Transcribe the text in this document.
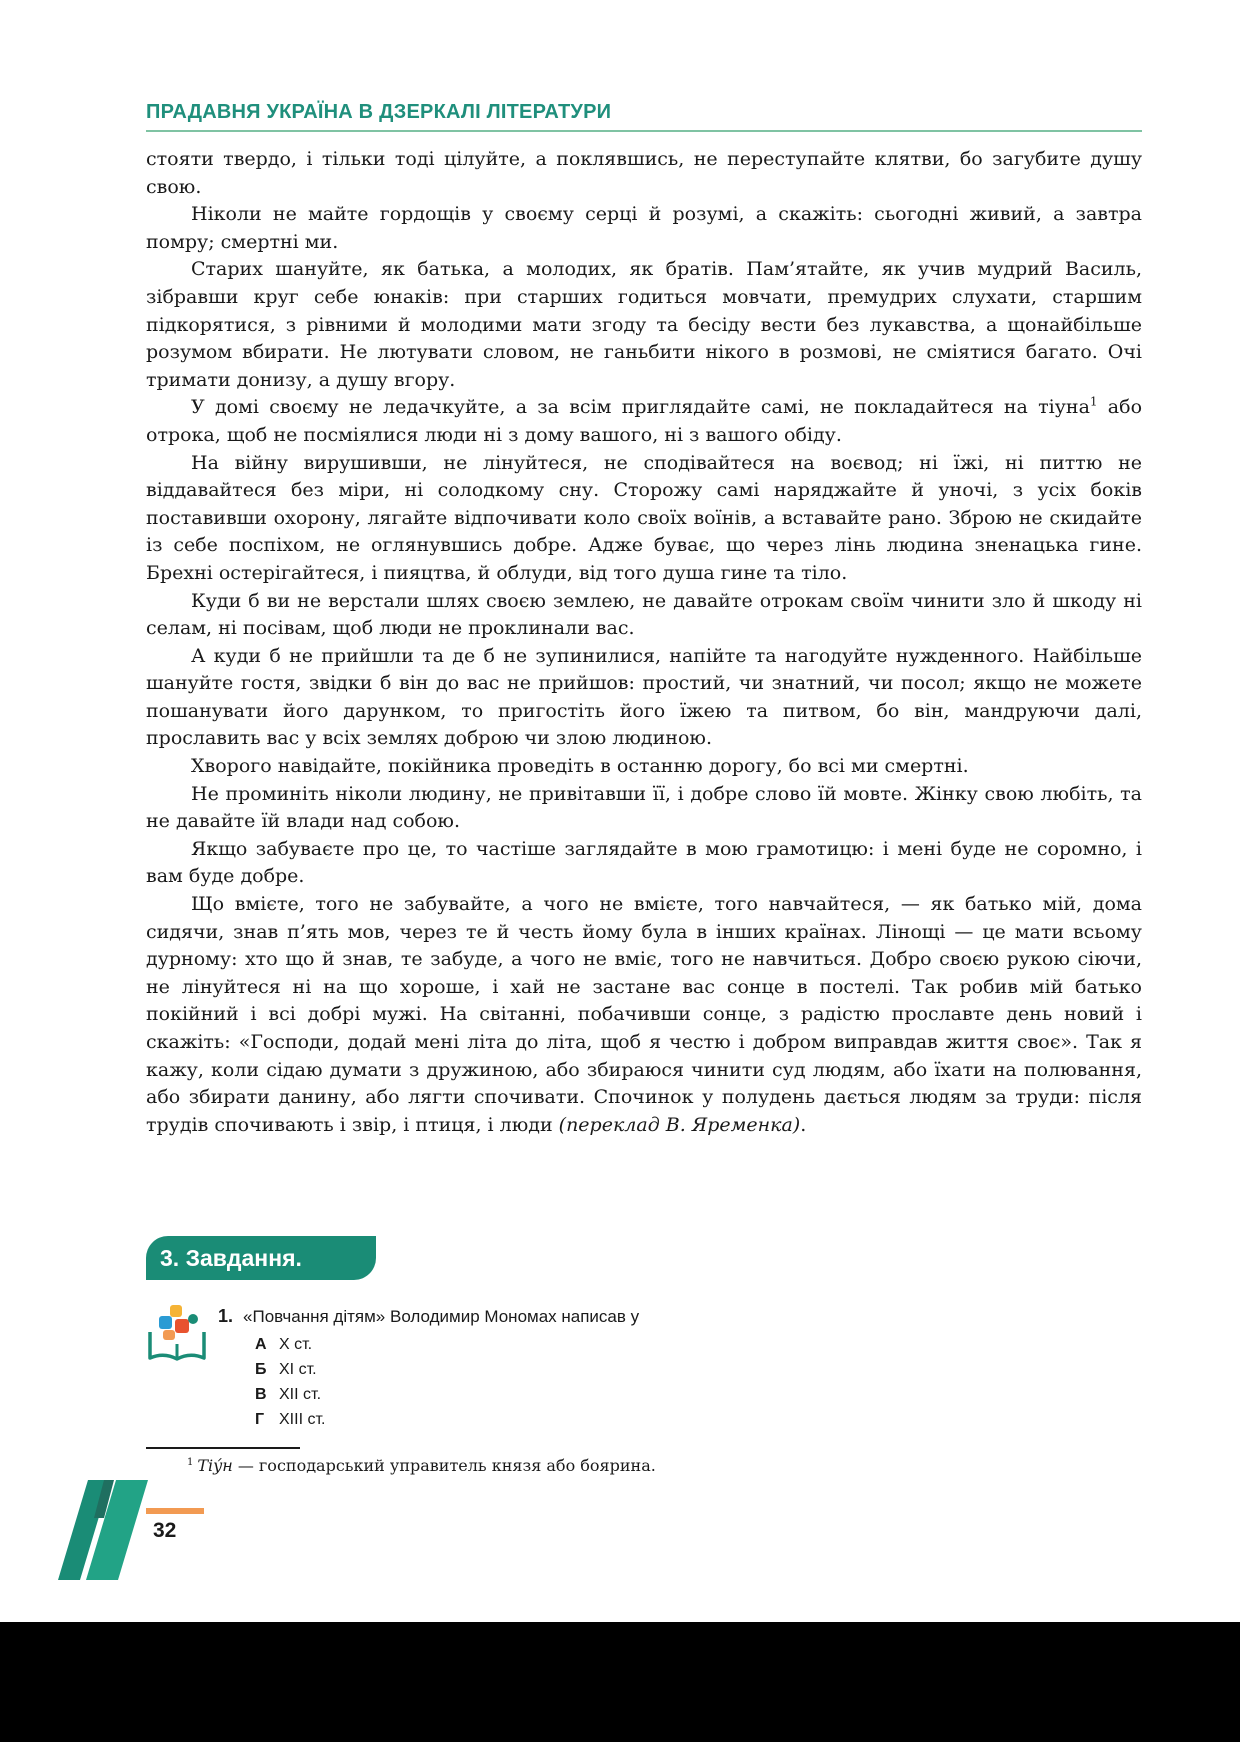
ПРАДАВНЯ УКРАЇНА В ДЗЕРКАЛІ ЛІТЕРАТУРИ

стояти твердо, і тільки тоді цілуйте, а поклявшись, не переступайте клятви, бо загубите душу свою.

Ніколи не майте гордощів у своєму серці й розумі, а скажіть: сьогодні живий, а завтра помру; смертні ми.

Старих шануйте, як батька, а молодих, як братів. Пам’ятайте, як учив мудрий Василь, зібравши круг себе юнаків: при старших годиться мовчати, премудрих слухати, старшим підкорятися, з рівними й молодими мати згоду та бесіду вести без лукавства, а щонайбільше розумом вбирати. Не лютувати словом, не ганьбити нікого в розмові, не сміятися багато. Очі тримати донизу, а душу вгору.

У домі своєму не ледачкуйте, а за всім приглядайте самі, не покладайтеся на тіуна$^1$ або отрока, щоб не посміялися люди ні з дому вашого, ні з вашого обіду.

На війну вирушивши, не лінуйтеся, не сподівайтеся на воєвод; ні їжі, ні питтю не віддавайтеся без міри, ні солодкому сну. Сторожу самі наряджайте й уночі, з усіх боків поставивши охорону, лягайте відпочивати коло своїх воїнів, а вставайте рано. Зброю не скидайте із себе поспіхом, не оглянувшись добре. Адже буває, що через лінь людина зненацька гине. Брехні остерігайтеся, і пияцтва, й облуди, від того душа гине та тіло.

Куди б ви не верстали шлях своєю землею, не давайте отрокам своїм чинити зло й шкоду ні селам, ні посівам, щоб люди не проклинали вас.

А куди б не прийшли та де б не зупинилися, напійте та нагодуйте нужденного. Найбільше шануйте гостя, звідки б він до вас не прийшов: простий, чи знатний, чи посол; якщо не можете пошанувати його дарунком, то пригостіть його їжею та питвом, бо він, мандруючи далі, прославить вас у всіх землях доброю чи злою людиною.

Хворого навідайте, покійника проведіть в останню дорогу, бо всі ми смертні.

Не проминіть ніколи людину, не привітавши її, і добре слово їй мовте. Жінку свою любіть, та не давайте їй влади над собою.

Якщо забуваєте про це, то частіше заглядайте в мою грамотицю: і мені буде не соромно, і вам буде добре.

Що вмієте, того не забувайте, а чого не вмієте, того навчайтеся, — як батько мій, дома сидячи, знав п’ять мов, через те й честь йому була в інших країнах. Лінощі — це мати всьому дурному: хто що й знав, те забуде, а чого не вміє, того не навчиться. Добро своєю рукою сіючи, не лінуйтеся ні на що хороше, і хай не застане вас сонце в постелі. Так робив мій батько покійний і всі добрі мужі. На світанні, побачивши сонце, з радістю прославте день новий і скажіть: «Господи, додай мені літа до літа, щоб я честю і добром виправдав життя своє». Так я кажу, коли сідаю думати з дружиною, або збираюся чинити суд людям, або їхати на полювання, або збирати данину, або лягти спочивати. Спочинок у полудень дається людям за труди: після трудів спочивають і звір, і птиця, і люди (переклад В. Яременка).

3. Завдання.
1. «Повчання дітям» Володимир Мономах написав у
А X ст.
Б XI ст.
В XII ст.
Г XIII ст.
$^1$ Тіýн — господарський управитель князя або боярина.
32
